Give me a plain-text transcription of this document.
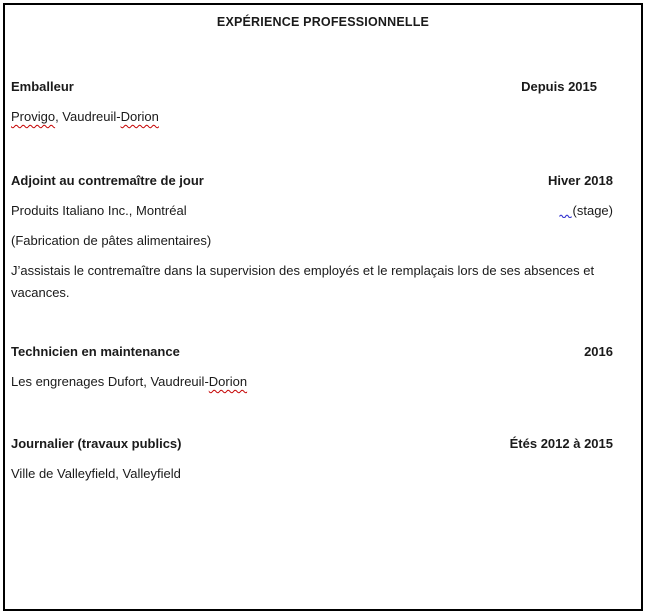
EXPÉRIENCE PROFESSIONNELLE
Emballeur	Depuis 2015
Provigo, Vaudreuil-Dorion
Adjoint au contremaître de jour	Hiver 2018
Produits Italiano Inc., Montréal	(stage)
(Fabrication de pâtes alimentaires)
J’assistais le contremaître dans la supervision des employés et le remplaçais lors de ses absences et vacances.
Technicien en maintenance	2016
Les engrenages Dufort, Vaudreuil-Dorion
Journalier (travaux publics)	Étés 2012 à 2015
Ville de Valleyfield, Valleyfield
